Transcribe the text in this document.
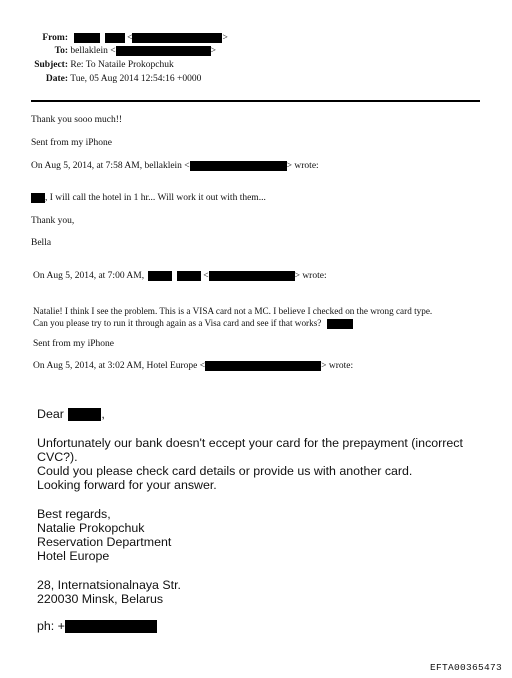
From:	<	>
To: bellaklein <	>
Subject: Re: To Nataile Prokopchuk
Date: Tue, 05 Aug 2014 12:54:16 +0000
Thank you sooo much!!
Sent from my iPhone
On Aug 5, 2014, at 7:58 AM, bellaklein <	> wrote:
, I will call the hotel in 1 hr... Will work it out with them...
Thank you,
Bella
On Aug 5, 2014, at 7:00 AM,	<	> wrote:
Natalie! I think I see the problem. This is a VISA card not a MC. I believe I checked on the wrong card type.
Can you please try to run it through again as a Visa card and see if that works?
Sent from my iPhone
On Aug 5, 2014, at 3:02 AM, Hotel Europe <	> wrote:
Dear	,
Unfortunately our bank doesn't eccept your card for the prepayment (incorrect
CVC?).
Could you please check card details or provide us with another card.
Looking forward for your answer.
Best regards,
Natalie Prokopchuk
Reservation Department
Hotel Europe
28, Internatsionalnaya Str.
220030 Minsk, Belarus
ph: +
EFTA00365473
